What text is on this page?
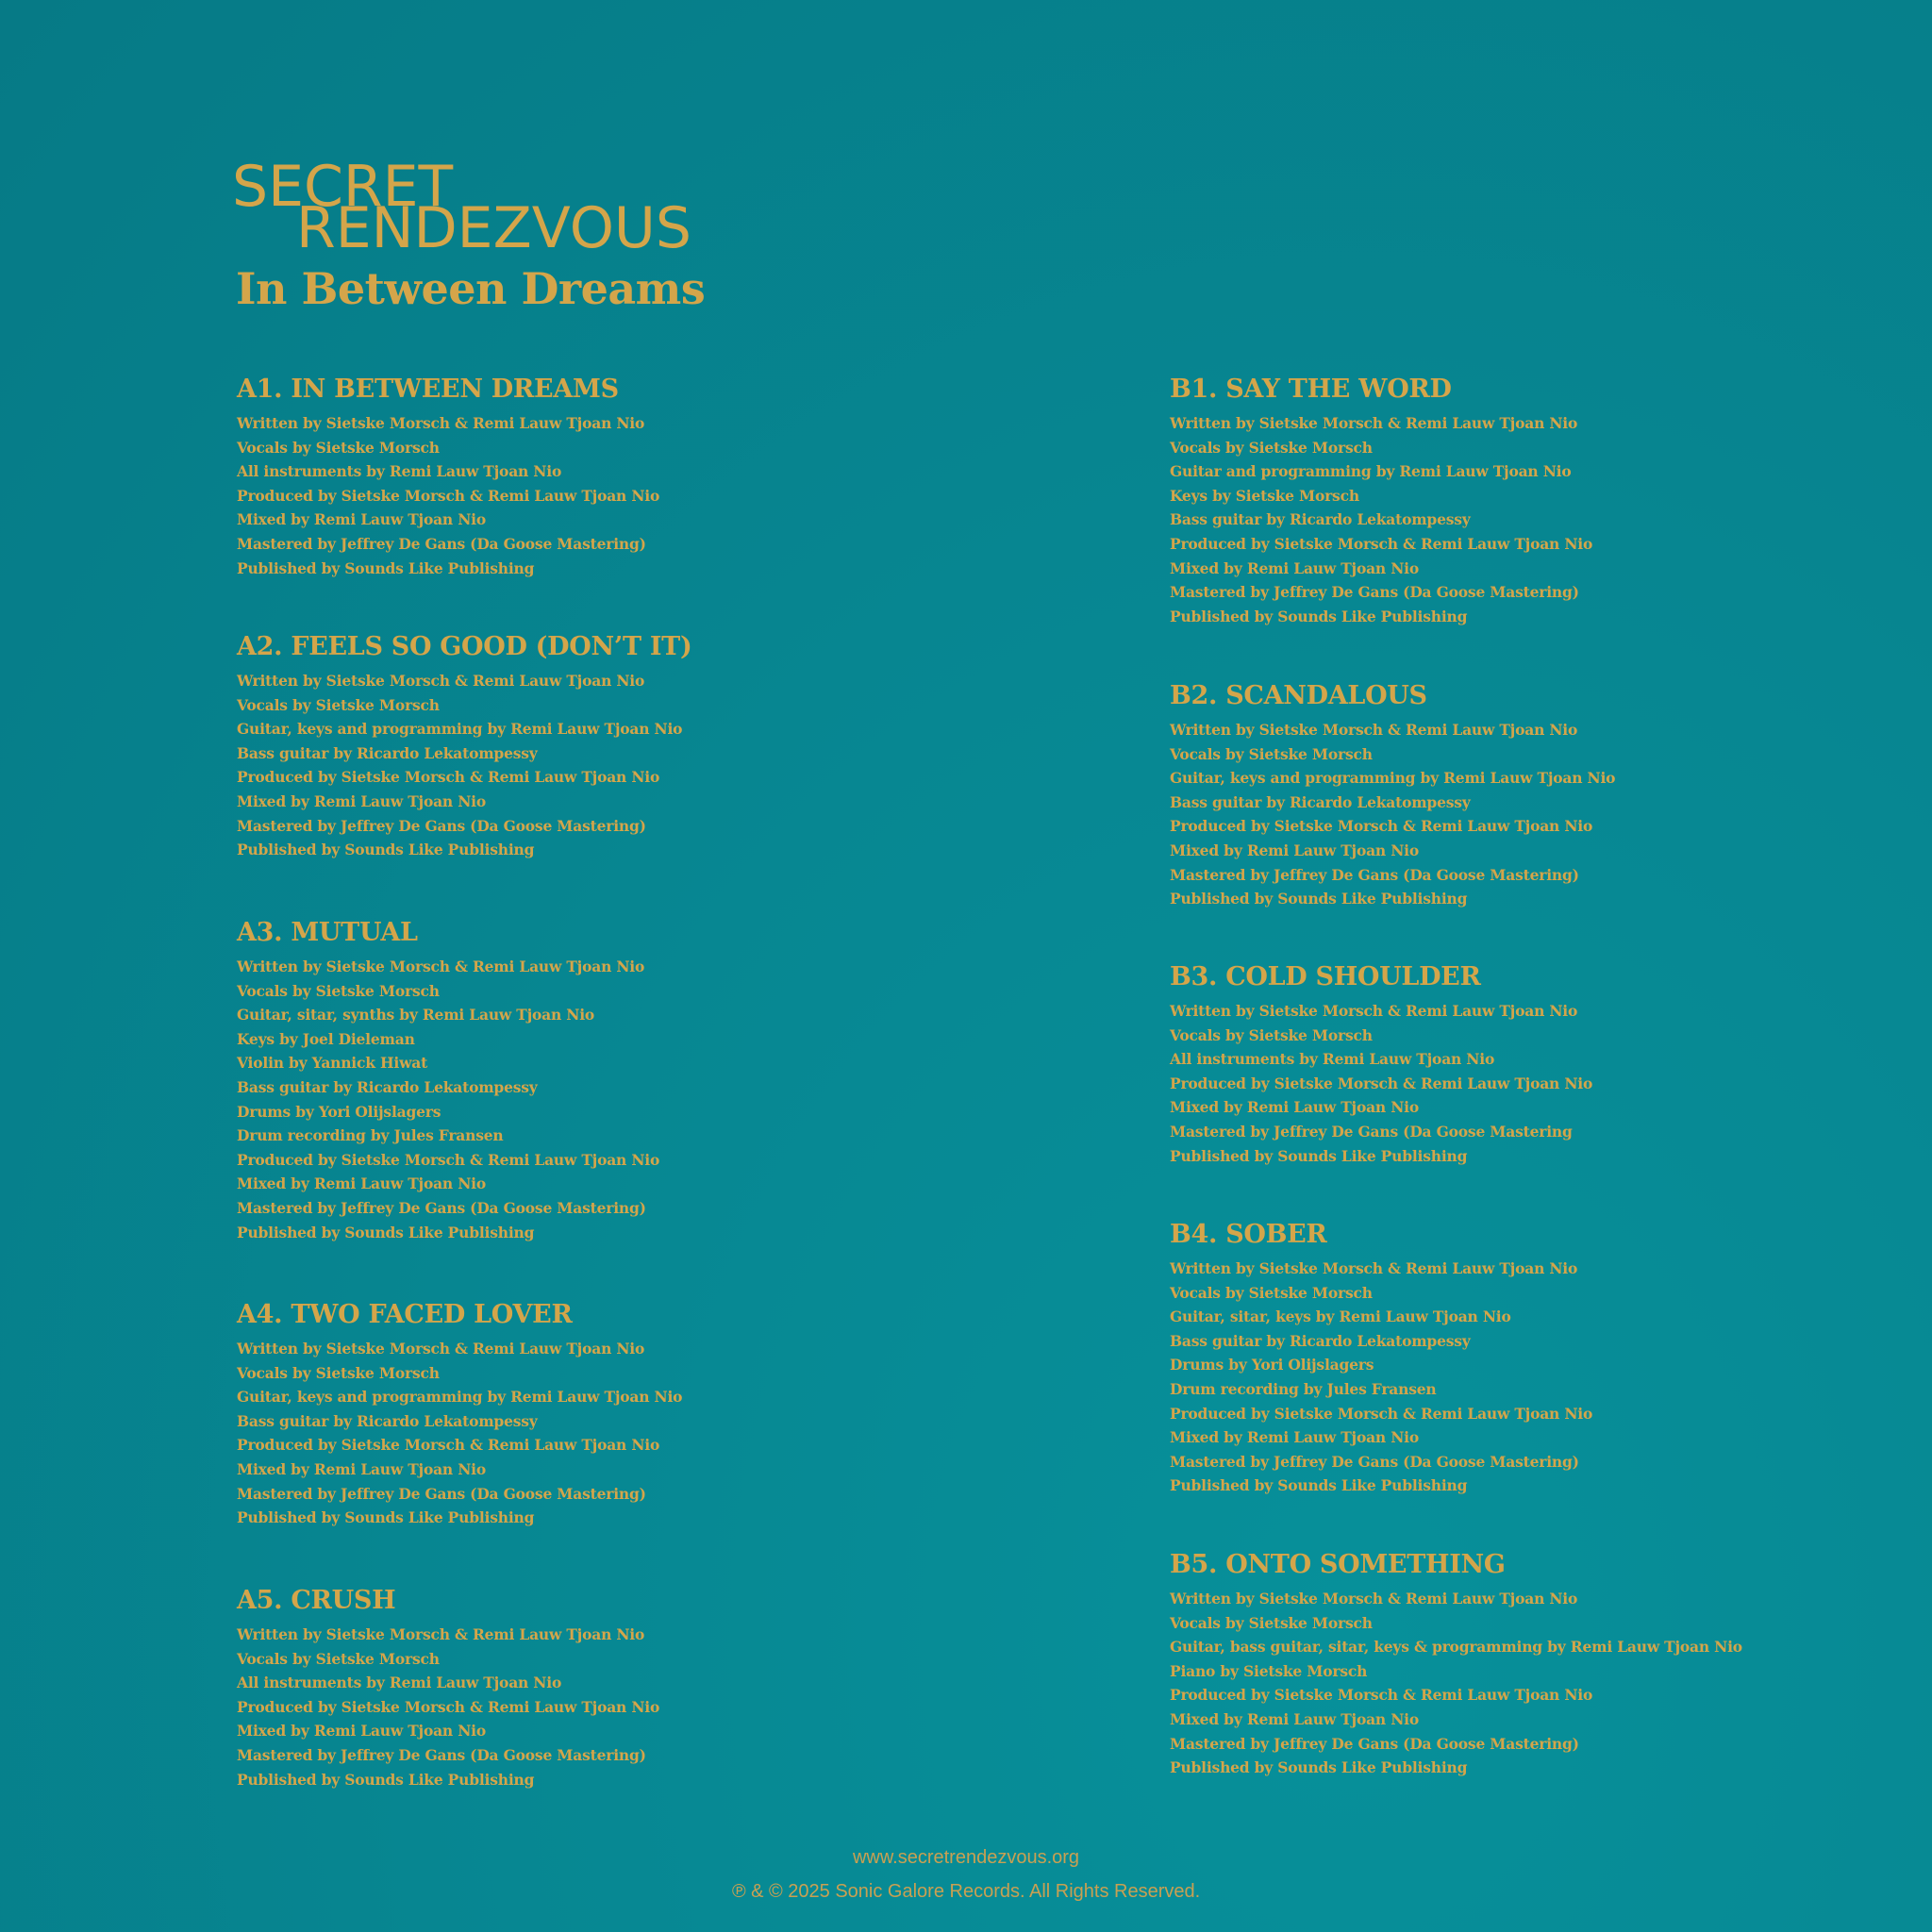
SECRET
RENDEZVOUS
In Between Dreams
A1. IN BETWEEN DREAMS
Written by Sietske Morsch & Remi Lauw Tjoan Nio
Vocals by Sietske Morsch
All instruments by Remi Lauw Tjoan Nio
Produced by Sietske Morsch & Remi Lauw Tjoan Nio
Mixed by Remi Lauw Tjoan Nio
Mastered by Jeffrey De Gans (Da Goose Mastering)
Published by Sounds Like Publishing
A2. FEELS SO GOOD (DON’T IT)
Written by Sietske Morsch & Remi Lauw Tjoan Nio
Vocals by Sietske Morsch
Guitar, keys and programming by Remi Lauw Tjoan Nio
Bass guitar by Ricardo Lekatompessy
Produced by Sietske Morsch & Remi Lauw Tjoan Nio
Mixed by Remi Lauw Tjoan Nio
Mastered by Jeffrey De Gans (Da Goose Mastering)
Published by Sounds Like Publishing
A3. MUTUAL
Written by Sietske Morsch & Remi Lauw Tjoan Nio
Vocals by Sietske Morsch
Guitar, sitar, synths by Remi Lauw Tjoan Nio
Keys by Joel Dieleman
Violin by Yannick Hiwat
Bass guitar by Ricardo Lekatompessy
Drums by Yori Olijslagers
Drum recording by Jules Fransen
Produced by Sietske Morsch & Remi Lauw Tjoan Nio
Mixed by Remi Lauw Tjoan Nio
Mastered by Jeffrey De Gans (Da Goose Mastering)
Published by Sounds Like Publishing
A4. TWO FACED LOVER
Written by Sietske Morsch & Remi Lauw Tjoan Nio
Vocals by Sietske Morsch
Guitar, keys and programming by Remi Lauw Tjoan Nio
Bass guitar by Ricardo Lekatompessy
Produced by Sietske Morsch & Remi Lauw Tjoan Nio
Mixed by Remi Lauw Tjoan Nio
Mastered by Jeffrey De Gans (Da Goose Mastering)
Published by Sounds Like Publishing
A5. CRUSH
Written by Sietske Morsch & Remi Lauw Tjoan Nio
Vocals by Sietske Morsch
All instruments by Remi Lauw Tjoan Nio
Produced by Sietske Morsch & Remi Lauw Tjoan Nio
Mixed by Remi Lauw Tjoan Nio
Mastered by Jeffrey De Gans (Da Goose Mastering)
Published by Sounds Like Publishing
B1. SAY THE WORD
Written by Sietske Morsch & Remi Lauw Tjoan Nio
Vocals by Sietske Morsch
Guitar and programming by Remi Lauw Tjoan Nio
Keys by Sietske Morsch
Bass guitar by Ricardo Lekatompessy
Produced by Sietske Morsch & Remi Lauw Tjoan Nio
Mixed by Remi Lauw Tjoan Nio
Mastered by Jeffrey De Gans (Da Goose Mastering)
Published by Sounds Like Publishing
B2. SCANDALOUS
Written by Sietske Morsch & Remi Lauw Tjoan Nio
Vocals by Sietske Morsch
Guitar, keys and programming by Remi Lauw Tjoan Nio
Bass guitar by Ricardo Lekatompessy
Produced by Sietske Morsch & Remi Lauw Tjoan Nio
Mixed by Remi Lauw Tjoan Nio
Mastered by Jeffrey De Gans (Da Goose Mastering)
Published by Sounds Like Publishing
B3. COLD SHOULDER
Written by Sietske Morsch & Remi Lauw Tjoan Nio
Vocals by Sietske Morsch
All instruments by Remi Lauw Tjoan Nio
Produced by Sietske Morsch & Remi Lauw Tjoan Nio
Mixed by Remi Lauw Tjoan Nio
Mastered by Jeffrey De Gans (Da Goose Mastering
Published by Sounds Like Publishing
B4. SOBER
Written by Sietske Morsch & Remi Lauw Tjoan Nio
Vocals by Sietske Morsch
Guitar, sitar, keys by Remi Lauw Tjoan Nio
Bass guitar by Ricardo Lekatompessy
Drums by Yori Olijslagers
Drum recording by Jules Fransen
Produced by Sietske Morsch & Remi Lauw Tjoan Nio
Mixed by Remi Lauw Tjoan Nio
Mastered by Jeffrey De Gans (Da Goose Mastering)
Published by Sounds Like Publishing
B5. ONTO SOMETHING
Written by Sietske Morsch & Remi Lauw Tjoan Nio
Vocals by Sietske Morsch
Guitar, bass guitar, sitar, keys & programming by Remi Lauw Tjoan Nio
Piano by Sietske Morsch
Produced by Sietske Morsch & Remi Lauw Tjoan Nio
Mixed by Remi Lauw Tjoan Nio
Mastered by Jeffrey De Gans (Da Goose Mastering)
Published by Sounds Like Publishing
www.secretrendezvous.org
℗ & © 2025 Sonic Galore Records. All Rights Reserved.
